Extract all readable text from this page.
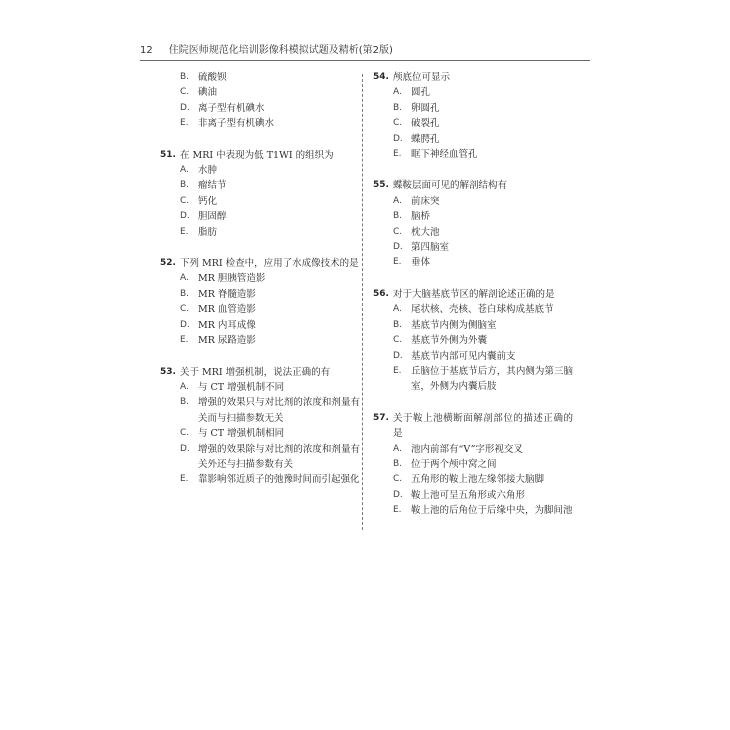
12 住院医师规范化培训影像科模拟试题及精析(第2版)
B. 硫酸钡
C. 碘油
D. 离子型有机碘水
E. 非离子型有机碘水
51. 在 MRI 中表现为低 T1WI 的组织为
A. 水肿
B. 瘤结节
C. 钙化
D. 胆固醇
E. 脂肪
52. 下列 MRI 检查中，应用了水成像技术的是
A. MR 胆胰管造影
B. MR 脊髓造影
C. MR 血管造影
D. MR 内耳成像
E. MR 尿路造影
53. 关于 MRI 增强机制，说法正确的有
A. 与 CT 增强机制不同
B. 增强的效果只与对比剂的浓度和剂量有关而与扫描参数无关
C. 与 CT 增强机制相同
D. 增强的效果除与对比剂的浓度和剂量有关外还与扫描参数有关
E. 靠影响邻近质子的弛豫时间而引起强化
54. 颅底位可显示
A. 圆孔
B. 卵圆孔
C. 破裂孔
D. 蝶腭孔
E. 眶下神经血管孔
55. 蝶鞍层面可见的解剖结构有
A. 前床突
B. 脑桥
C. 枕大池
D. 第四脑室
E. 垂体
56. 对于大脑基底节区的解剖论述正确的是
A. 尾状核、壳核、苍白球构成基底节
B. 基底节内侧为侧脑室
C. 基底节外侧为外囊
D. 基底节内部可见内囊前支
E. 丘脑位于基底节后方，其内侧为第三脑室，外侧为内囊后肢
57. 关于鞍上池横断面解剖部位的描述正确的是
A. 池内前部有“V”字形视交叉
B. 位于两个颅中窝之间
C. 五角形的鞍上池左缘邻接大脑脚
D. 鞍上池可呈五角形或六角形
E. 鞍上池的后角位于后缘中央，为脚间池
